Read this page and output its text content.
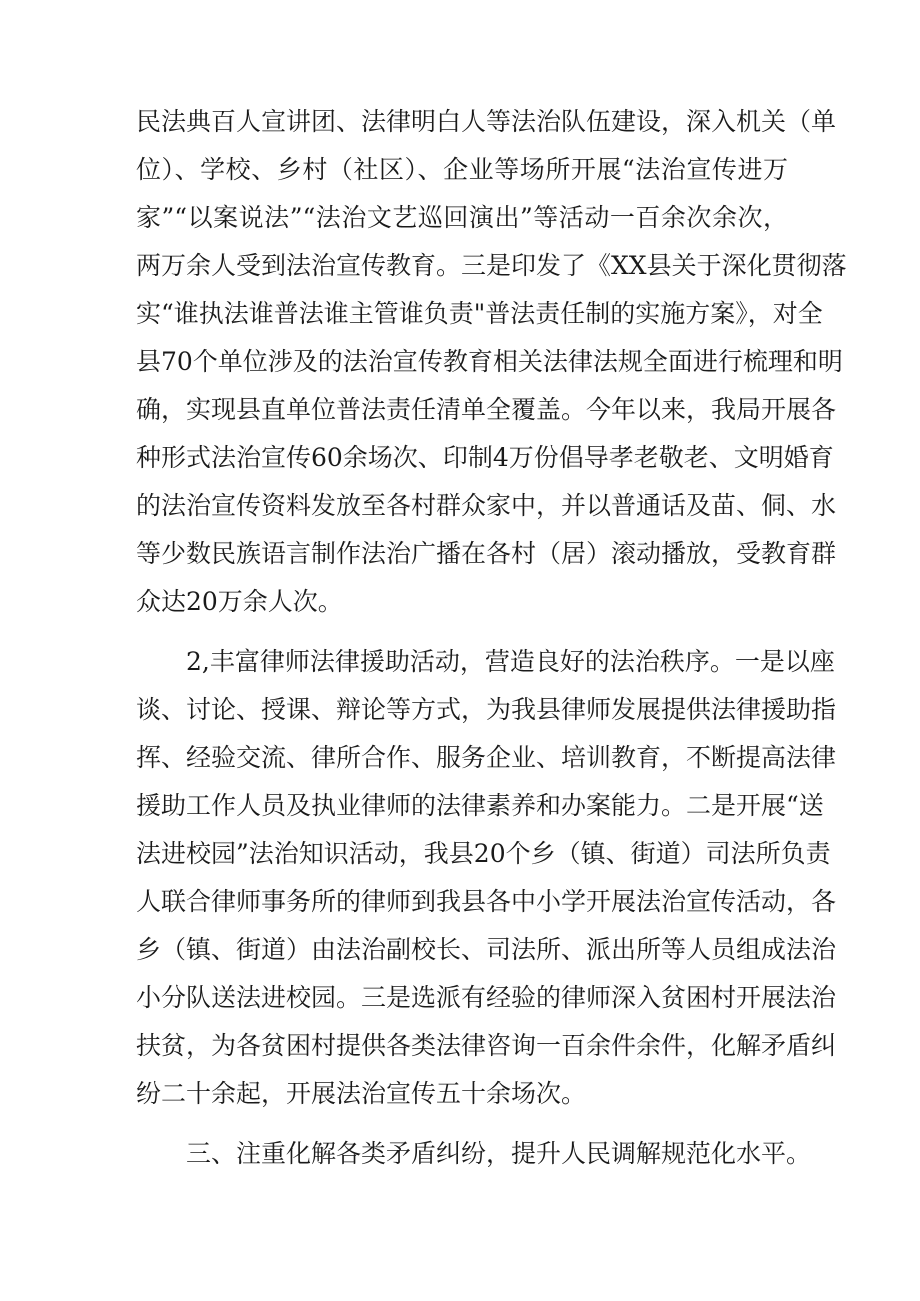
民法典百人宣讲团、法律明白人等法治队伍建设，深入机关（单
位）、学校、乡村（社区）、企业等场所开展“法治宣传进万
家”“以案说法”“法治文艺巡回演出”等活动一百余次余次，
两万余人受到法治宣传教育。三是印发了《XX县关于深化贯彻落
实“谁执法谁普法谁主管谁负责"普法责任制的实施方案》，对全
县70个单位涉及的法治宣传教育相关法律法规全面进行梳理和明
确，实现县直单位普法责任清单全覆盖。今年以来，我局开展各
种形式法治宣传60余场次、印制4万份倡导孝老敬老、文明婚育
的法治宣传资料发放至各村群众家中，并以普通话及苗、侗、水
等少数民族语言制作法治广播在各村（居）滚动播放，受教育群
众达20万余人次。
2,丰富律师法律援助活动，营造良好的法治秩序。一是以座
谈、讨论、授课、辩论等方式，为我县律师发展提供法律援助指
挥、经验交流、律所合作、服务企业、培训教育，不断提高法律
援助工作人员及执业律师的法律素养和办案能力。二是开展“送
法进校园”法治知识活动，我县20个乡（镇、街道）司法所负责
人联合律师事务所的律师到我县各中小学开展法治宣传活动，各
乡（镇、街道）由法治副校长、司法所、派出所等人员组成法治
小分队送法进校园。三是选派有经验的律师深入贫困村开展法治
扶贫，为各贫困村提供各类法律咨询一百余件余件，化解矛盾纠
纷二十余起，开展法治宣传五十余场次。
三、注重化解各类矛盾纠纷，提升人民调解规范化水平。
